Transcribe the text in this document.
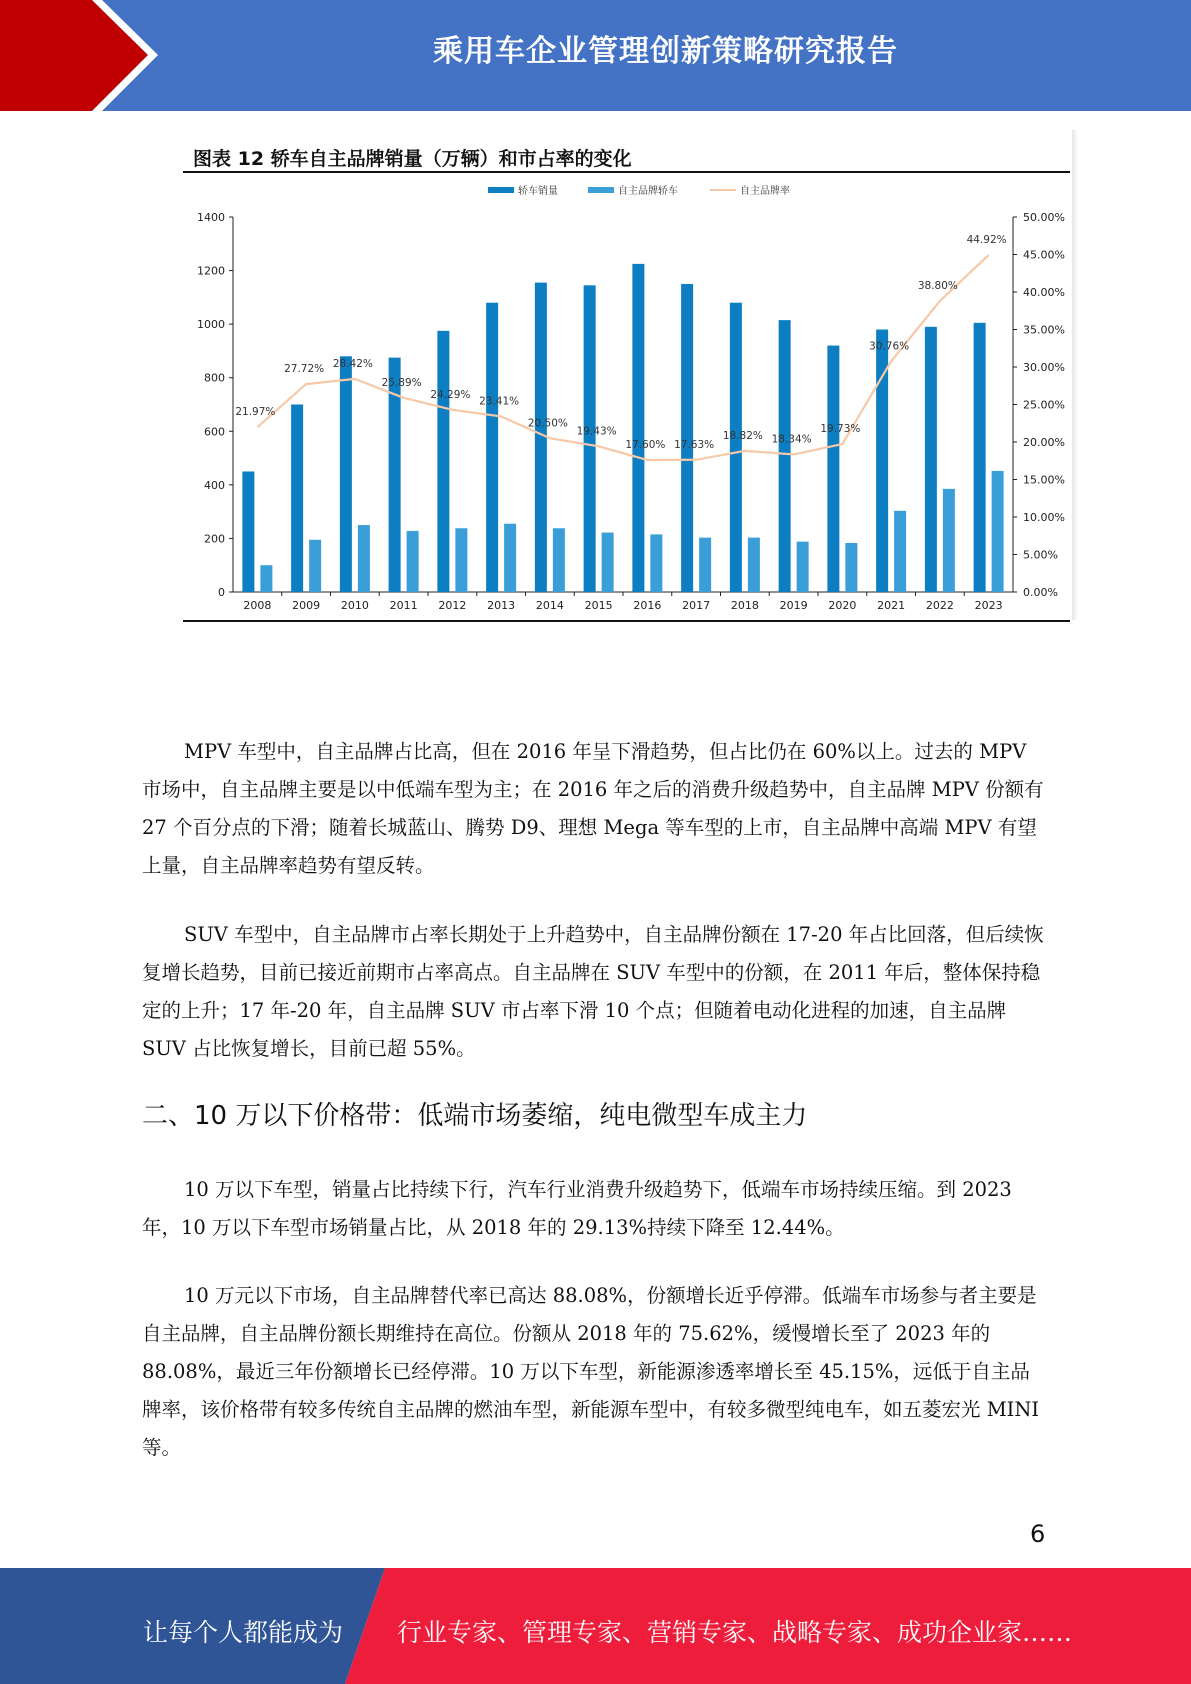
乘用车企业管理创新策略研究报告
图表 12 轿车自主品牌销量（万辆）和市占率的变化
0
200
400
600
800
1000
1200
1400
0.00%
5.00%
10.00%
15.00%
20.00%
25.00%
30.00%
35.00%
40.00%
45.00%
50.00%
2008 2009 2010 2011 2012 2013 2014 2015 2016 2017 2018 2019 2020 2021 2022 2023
21.97%
27.72% 28.42%
25.89%
24.29%
23.41%
20.50%
19.43%
17.60% 17.63%
18.82% 18.34%
19.73%
30.76%
38.80%
44.92%
轿车销量	自主品牌轿车	自主品牌率

MPV 车型中，自主品牌占比高，但在 2016 年呈下滑趋势，但占比仍在 60%以上。过去的 MPV 市场中，自主品牌主要是以中低端车型为主；在 2016 年之后的消费升级趋势中，自主品牌 MPV 份额有 27 个百分点的下滑；随着长城蓝山、腾势 D9、理想 Mega 等车型的上市，自主品牌中高端 MPV 有望上量，自主品牌率趋势有望反转。

SUV 车型中，自主品牌市占率长期处于上升趋势中，自主品牌份额在 17-20 年占比回落，但后续恢复增长趋势，目前已接近前期市占率高点。自主品牌在 SUV 车型中的份额，在 2011 年后，整体保持稳定的上升；17 年-20 年，自主品牌 SUV 市占率下滑 10 个点；但随着电动化进程的加速，自主品牌 SUV 占比恢复增长，目前已超 55%。

二、10 万以下价格带：低端市场萎缩，纯电微型车成主力

10 万以下车型，销量占比持续下行，汽车行业消费升级趋势下，低端车市场持续压缩。到 2023 年，10 万以下车型市场销量占比，从 2018 年的 29.13%持续下降至 12.44%。

10 万元以下市场，自主品牌替代率已高达 88.08%，份额增长近乎停滞。低端车市场参与者主要是自主品牌，自主品牌份额长期维持在高位。份额从 2018 年的 75.62%，缓慢增长至了 2023 年的 88.08%，最近三年份额增长已经停滞。10 万以下车型，新能源渗透率增长至 45.15%，远低于自主品牌率，该价格带有较多传统自主品牌的燃油车型，新能源车型中，有较多微型纯电车，如五菱宏光 MINI 等。

6
让每个人都能成为 行业专家、管理专家、营销专家、战略专家、成功企业家……
